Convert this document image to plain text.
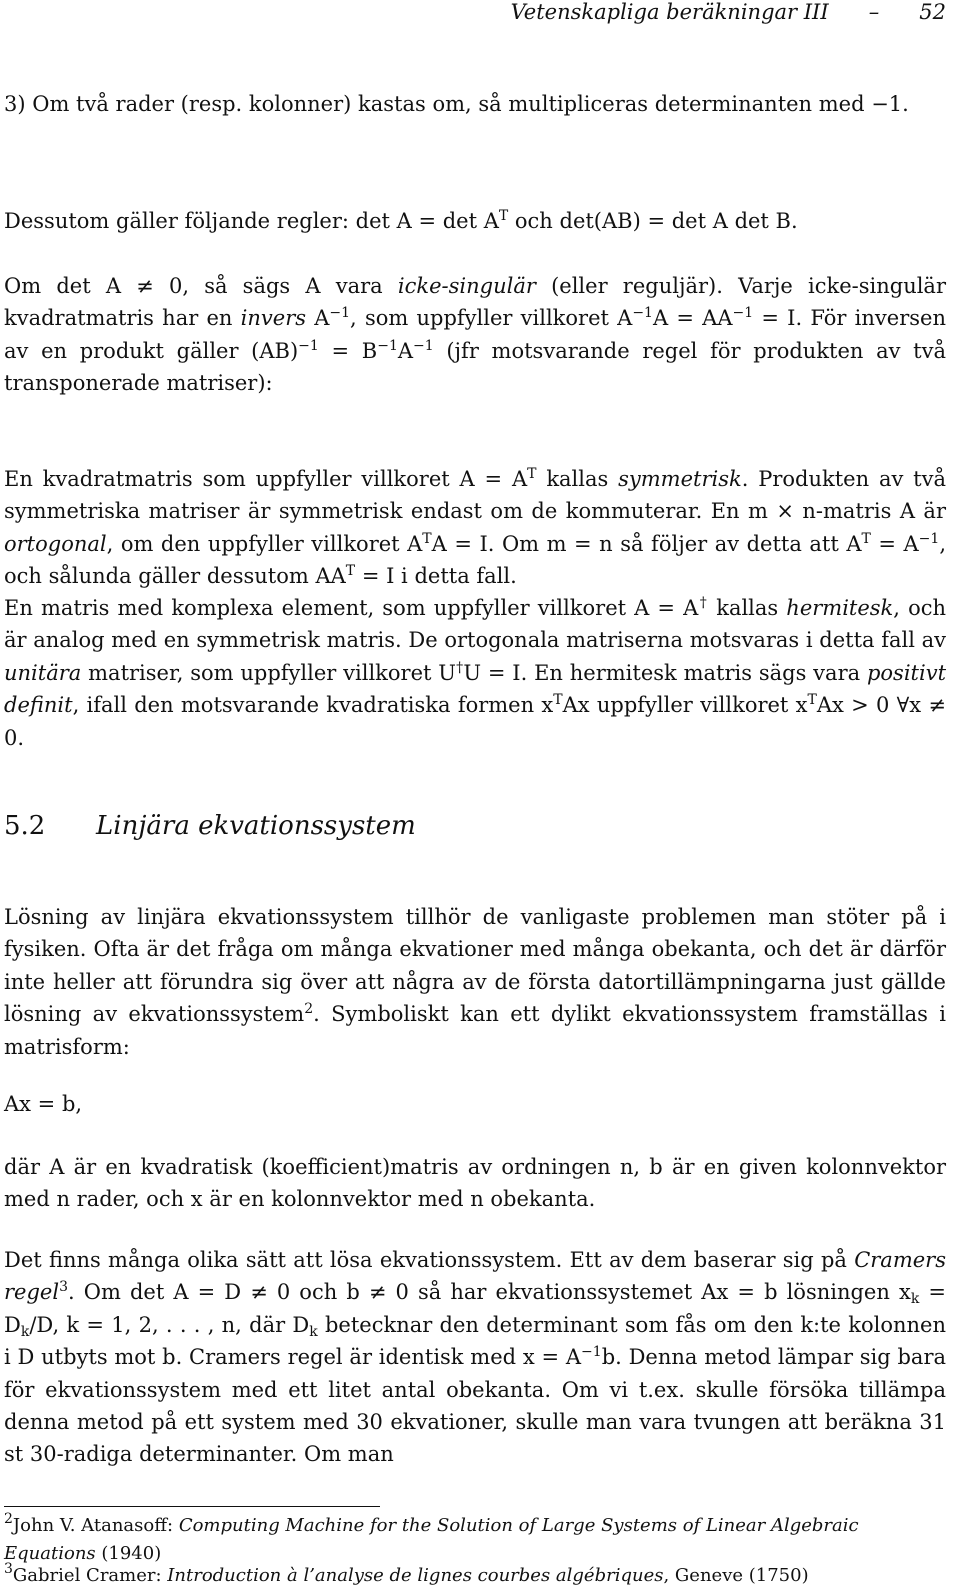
Vetenskapliga beräkningar III – 52

3) Om två rader (resp. kolonner) kastas om, så multipliceras determinanten med −1.

Dessutom gäller följande regler: $\det A = \det A^T$ och det(AB) = det A det B.

Om det A ≠ 0, så sägs A vara icke-singulär (eller reguljär). Varje icke-singulär kvadratmatris har en invers $A^{-1}$, som uppfyller villkoret $A^{-1}A = AA^{-1} = I$. För inversen av en produkt gäller $(AB)^{-1} = B^{-1}A^{-1}$ (jfr motsvarande regel för produkten av två transponerade matriser):

En kvadratmatris som uppfyller villkoret $A = A^T$ kallas symmetrisk. Produkten av två symmetriska matriser är symmetrisk endast om de kommuterar. En m × n-matris A är ortogonal, om den uppfyller villkoret $A^TA = I$. Om m = n så följer av detta att $A^T = A^{-1}$, och sålunda gäller dessutom $AA^T = I$ i detta fall.

En matris med komplexa element, som uppfyller villkoret A = A† kallas hermitesk, och är analog med en symmetrisk matris. De ortogonala matriserna motsvaras i detta fall av unitära matriser, som uppfyller villkoret U†U = I. En hermitesk matris sägs vara positivt definit, ifall den motsvarande kvadratiska formen $x^TAx$ uppfyller villkoret $x^TAx > 0$ ∀x ≠ 0.

5.2 Linjära ekvationssystem

Lösning av linjära ekvationssystem tillhör de vanligaste problemen man stöter på i fysiken. Ofta är det fråga om många ekvationer med många obekanta, och det är därför inte heller att förundra sig över att några av de första datortillämpningarna just gällde lösning av ekvationssystem$^2$. Symboliskt kan ett dylikt ekvationssystem framställas i matrisform:

Ax = b,

där A är en kvadratisk (koefficient)matris av ordningen n, b är en given kolonnvektor med n rader, och x är en kolonnvektor med n obekanta.

Det finns många olika sätt att lösa ekvationssystem. Ett av dem baserar sig på Cramers regel$^3$. Om det A = D ≠ 0 och b ≠ 0 så har ekvationssystemet Ax = b lösningen $x_k = D_k/D$, k = 1, 2, . . . , n, där $D_k$ betecknar den determinant som fås om den k:te kolonnen i D utbyts mot b. Cramers regel är identisk med $x = A^{-1}b$. Denna metod lämpar sig bara för ekvationssystem med ett litet antal obekanta. Om vi t.ex. skulle försöka tillämpa denna metod på ett system med 30 ekvationer, skulle man vara tvungen att beräkna 31 st 30-radiga determinanter. Om man

$^2$John V. Atanasoff: Computing Machine for the Solution of Large Systems of Linear Algebraic Equations (1940)

$^3$Gabriel Cramer: Introduction à l’analyse de lignes courbes algébriques, Geneve (1750)
